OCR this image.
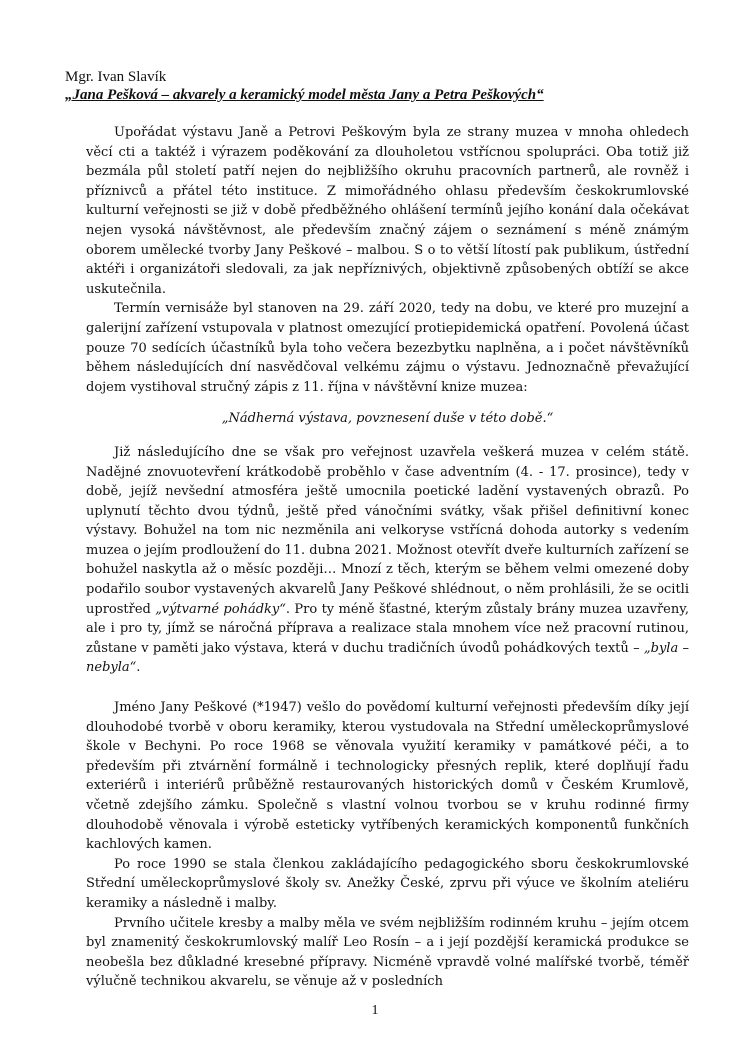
Mgr. Ivan Slavík
„Jana Pešková – akvarely a keramický model města Jany a Petra Peškových“

Upořádat výstavu Janě a Petrovi Peškovým byla ze strany muzea v mnoha ohledech věcí cti a taktéž i výrazem poděkování za dlouholetou vstřícnou spolupráci. Oba totiž již bezmála půl století patří nejen do nejbližšího okruhu pracovních partnerů, ale rovněž i příznivců a přátel této instituce. Z mimořádného ohlasu především českokrumlovské kulturní veřejnosti se již v době předběžného ohlášení termínů jejího konání dala očekávat nejen vysoká návštěvnost, ale především značný zájem o seznámení s méně známým oborem umělecké tvorby Jany Peškové – malbou. S o to větší lítostí pak publikum, ústřední aktéři i organizátoři sledovali, za jak nepříznivých, objektivně způsobených obtíží se akce uskutečnila.

Termín vernisáže byl stanoven na 29. září 2020, tedy na dobu, ve které pro muzejní a galerijní zařízení vstupovala v platnost omezující protiepidemická opatření. Povolená účast pouze 70 sedících účastníků byla toho večera bezezbytku naplněna, a i počet návštěvníků během následujících dní nasvědčoval velkému zájmu o výstavu. Jednoznačně převažující dojem vystihoval stručný zápis z 11. října v návštěvní knize muzea:

„Nádherná výstava, povznesení duše v této době.“

Již následujícího dne se však pro veřejnost uzavřela veškerá muzea v celém státě. Nadějné znovuotevření krátkodobě proběhlo v čase adventním (4. - 17. prosince), tedy v době, jejíž nevšední atmosféra ještě umocnila poetické ladění vystavených obrazů. Po uplynutí těchto dvou týdnů, ještě před vánočními svátky, však přišel definitivní konec výstavy. Bohužel na tom nic nezměnila ani velkoryse vstřícná dohoda autorky s vedením muzea o jejím prodloužení do 11. dubna 2021. Možnost otevřít dveře kulturních zařízení se bohužel naskytla až o měsíc později… Mnozí z těch, kterým se během velmi omezené doby podařilo soubor vystavených akvarelů Jany Peškové shlédnout, o něm prohlásili, že se ocitli uprostřed „výtvarné pohádky“. Pro ty méně šťastné, kterým zůstaly brány muzea uzavřeny, ale i pro ty, jímž se náročná příprava a realizace stala mnohem více než pracovní rutinou, zůstane v paměti jako výstava, která v duchu tradičních úvodů pohádkových textů – „byla – nebyla“.

Jméno Jany Peškové (*1947) vešlo do povědomí kulturní veřejnosti především díky její dlouhodobé tvorbě v oboru keramiky, kterou vystudovala na Střední uměleckoprůmyslové škole v Bechyni. Po roce 1968 se věnovala využití keramiky v památkové péči, a to především při ztvárnění formálně i technologicky přesných replik, které doplňují řadu exteriérů i interiérů průběžně restaurovaných historických domů v Českém Krumlově, včetně zdejšího zámku. Společně s vlastní volnou tvorbou se v kruhu rodinné firmy dlouhodobě věnovala i výrobě esteticky vytříbených keramických komponentů funkčních kachlových kamen.

Po roce 1990 se stala členkou zakládajícího pedagogického sboru českokrumlovské Střední uměleckoprůmyslové školy sv. Anežky České, zprvu při výuce ve školním ateliéru keramiky a následně i malby.

Prvního učitele kresby a malby měla ve svém nejbližším rodinném kruhu – jejím otcem byl znamenitý českokrumlovský malíř Leo Rosín – a i její pozdější keramická produkce se neobešla bez důkladné kresebné přípravy. Nicméně vpravdě volné malířské tvorbě, téměř výlučně technikou akvarelu, se věnuje až v posledních

1
